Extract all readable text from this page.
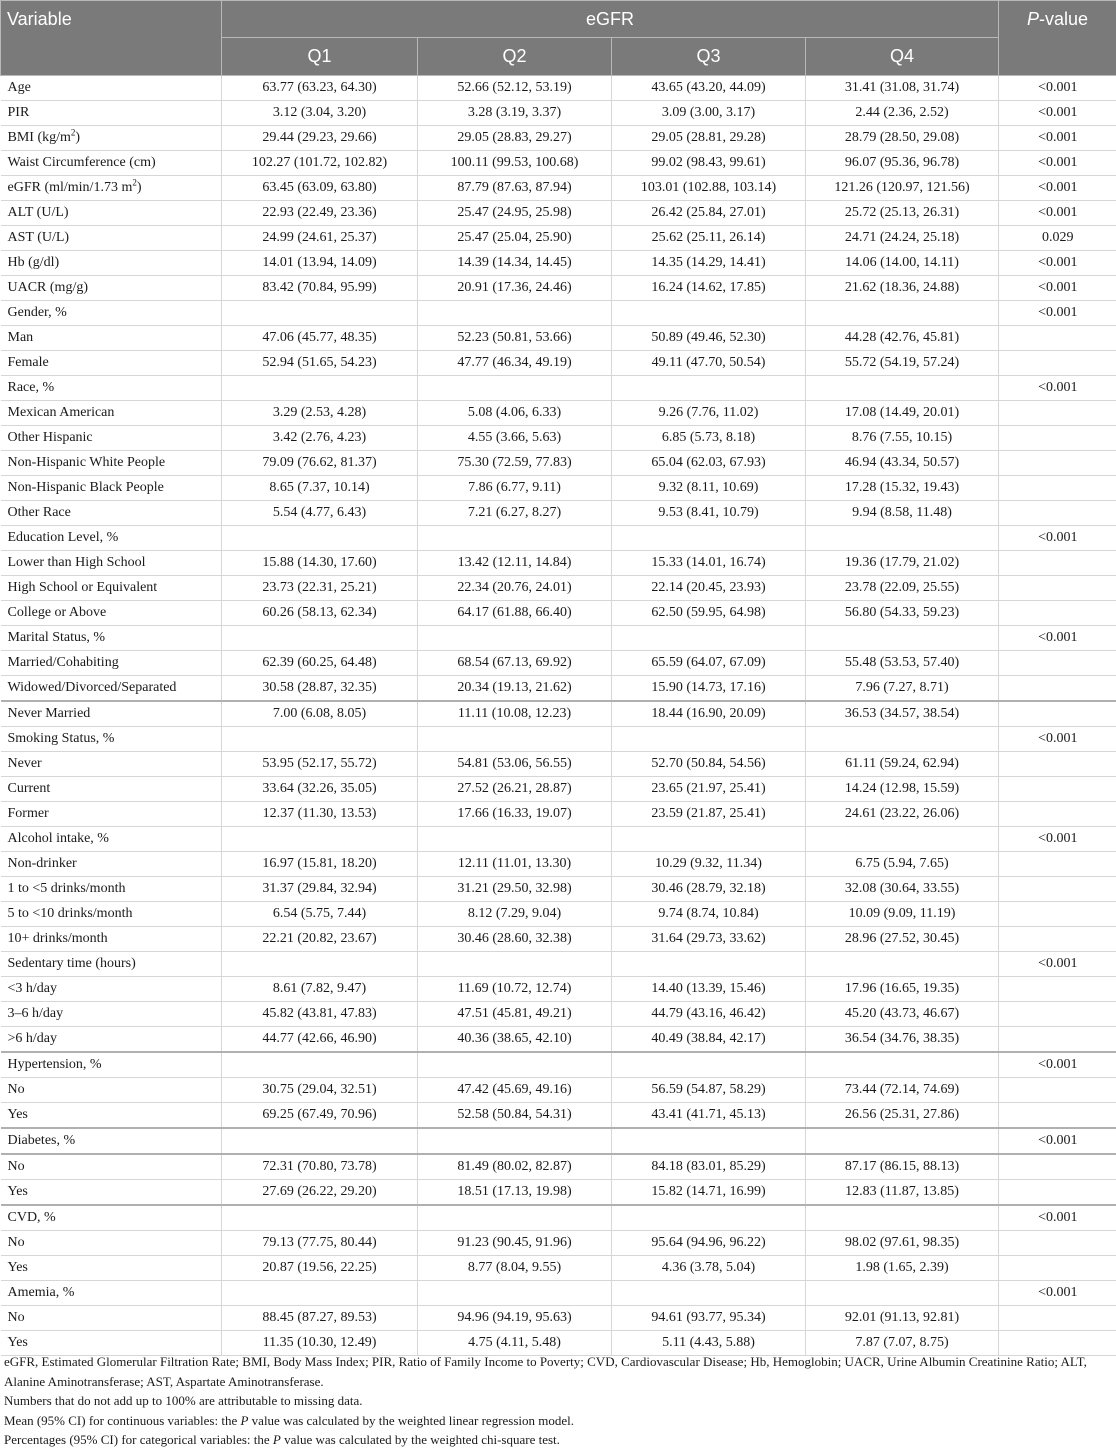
Variable	eGFR				P-value
	Q1	Q2	Q3	Q4	
Age	63.77 (63.23, 64.30)	52.66 (52.12, 53.19)	43.65 (43.20, 44.09)	31.41 (31.08, 31.74)	<0.001
PIR	3.12 (3.04, 3.20)	3.28 (3.19, 3.37)	3.09 (3.00, 3.17)	2.44 (2.36, 2.52)	<0.001
BMI $(kg/m^2)$	29.44 (29.23, 29.66)	29.05 (28.83, 29.27)	29.05 (28.81, 29.28)	28.79 (28.50, 29.08)	<0.001
Waist Circumference (cm)	102.27 (101.72, 102.82)	100.11 (99.53, 100.68)	99.02 (98.43, 99.61)	96.07 (95.36, 96.78)	<0.001
eGFR (ml/min/1.73 $m^2$)	63.45 (63.09, 63.80)	87.79 (87.63, 87.94)	103.01 (102.88, 103.14)	121.26 (120.97, 121.56)	<0.001
ALT (U/L)	22.93 (22.49, 23.36)	25.47 (24.95, 25.98)	26.42 (25.84, 27.01)	25.72 (25.13, 26.31)	<0.001
AST (U/L)	24.99 (24.61, 25.37)	25.47 (25.04, 25.90)	25.62 (25.11, 26.14)	24.71 (24.24, 25.18)	0.029
Hb (g/dl)	14.01 (13.94, 14.09)	14.39 (14.34, 14.45)	14.35 (14.29, 14.41)	14.06 (14.00, 14.11)	<0.001
UACR (mg/g)	83.42 (70.84, 95.99)	20.91 (17.36, 24.46)	16.24 (14.62, 17.85)	21.62 (18.36, 24.88)	<0.001
Gender, %					<0.001
Man	47.06 (45.77, 48.35)	52.23 (50.81, 53.66)	50.89 (49.46, 52.30)	44.28 (42.76, 45.81)	
Female	52.94 (51.65, 54.23)	47.77 (46.34, 49.19)	49.11 (47.70, 50.54)	55.72 (54.19, 57.24)	
Race, %					<0.001
Mexican American	3.29 (2.53, 4.28)	5.08 (4.06, 6.33)	9.26 (7.76, 11.02)	17.08 (14.49, 20.01)	
Other Hispanic	3.42 (2.76, 4.23)	4.55 (3.66, 5.63)	6.85 (5.73, 8.18)	8.76 (7.55, 10.15)	
Non-Hispanic White People	79.09 (76.62, 81.37)	75.30 (72.59, 77.83)	65.04 (62.03, 67.93)	46.94 (43.34, 50.57)	
Non-Hispanic Black People	8.65 (7.37, 10.14)	7.86 (6.77, 9.11)	9.32 (8.11, 10.69)	17.28 (15.32, 19.43)	
Other Race	5.54 (4.77, 6.43)	7.21 (6.27, 8.27)	9.53 (8.41, 10.79)	9.94 (8.58, 11.48)	
Education Level, %					<0.001
Lower than High School	15.88 (14.30, 17.60)	13.42 (12.11, 14.84)	15.33 (14.01, 16.74)	19.36 (17.79, 21.02)	
High School or Equivalent	23.73 (22.31, 25.21)	22.34 (20.76, 24.01)	22.14 (20.45, 23.93)	23.78 (22.09, 25.55)	
College or Above	60.26 (58.13, 62.34)	64.17 (61.88, 66.40)	62.50 (59.95, 64.98)	56.80 (54.33, 59.23)	
Marital Status, %					<0.001
Married/Cohabiting	62.39 (60.25, 64.48)	68.54 (67.13, 69.92)	65.59 (64.07, 67.09)	55.48 (53.53, 57.40)	
Widowed/Divorced/Separated	30.58 (28.87, 32.35)	20.34 (19.13, 21.62)	15.90 (14.73, 17.16)	7.96 (7.27, 8.71)	
Never Married	7.00 (6.08, 8.05)	11.11 (10.08, 12.23)	18.44 (16.90, 20.09)	36.53 (34.57, 38.54)	
Smoking Status, %					<0.001
Never	53.95 (52.17, 55.72)	54.81 (53.06, 56.55)	52.70 (50.84, 54.56)	61.11 (59.24, 62.94)	
Current	33.64 (32.26, 35.05)	27.52 (26.21, 28.87)	23.65 (21.97, 25.41)	14.24 (12.98, 15.59)	
Former	12.37 (11.30, 13.53)	17.66 (16.33, 19.07)	23.59 (21.87, 25.41)	24.61 (23.22, 26.06)	
Alcohol intake, %					<0.001
Non-drinker	16.97 (15.81, 18.20)	12.11 (11.01, 13.30)	10.29 (9.32, 11.34)	6.75 (5.94, 7.65)	
1 to <5 drinks/month	31.37 (29.84, 32.94)	31.21 (29.50, 32.98)	30.46 (28.79, 32.18)	32.08 (30.64, 33.55)	
5 to <10 drinks/month	6.54 (5.75, 7.44)	8.12 (7.29, 9.04)	9.74 (8.74, 10.84)	10.09 (9.09, 11.19)	
10+ drinks/month	22.21 (20.82, 23.67)	30.46 (28.60, 32.38)	31.64 (29.73, 33.62)	28.96 (27.52, 30.45)	
Sedentary time (hours)					<0.001
<3 h/day	8.61 (7.82, 9.47)	11.69 (10.72, 12.74)	14.40 (13.39, 15.46)	17.96 (16.65, 19.35)	
3–6 h/day	45.82 (43.81, 47.83)	47.51 (45.81, 49.21)	44.79 (43.16, 46.42)	45.20 (43.73, 46.67)	
>6 h/day	44.77 (42.66, 46.90)	40.36 (38.65, 42.10)	40.49 (38.84, 42.17)	36.54 (34.76, 38.35)	
Hypertension, %					<0.001
No	30.75 (29.04, 32.51)	47.42 (45.69, 49.16)	56.59 (54.87, 58.29)	73.44 (72.14, 74.69)	
Yes	69.25 (67.49, 70.96)	52.58 (50.84, 54.31)	43.41 (41.71, 45.13)	26.56 (25.31, 27.86)	
Diabetes, %					<0.001
No	72.31 (70.80, 73.78)	81.49 (80.02, 82.87)	84.18 (83.01, 85.29)	87.17 (86.15, 88.13)	
Yes	27.69 (26.22, 29.20)	18.51 (17.13, 19.98)	15.82 (14.71, 16.99)	12.83 (11.87, 13.85)	
CVD, %					<0.001
No	79.13 (77.75, 80.44)	91.23 (90.45, 91.96)	95.64 (94.96, 96.22)	98.02 (97.61, 98.35)	
Yes	20.87 (19.56, 22.25)	8.77 (8.04, 9.55)	4.36 (3.78, 5.04)	1.98 (1.65, 2.39)	
Amemia, %					<0.001
No	88.45 (87.27, 89.53)	94.96 (94.19, 95.63)	94.61 (93.77, 95.34)	92.01 (91.13, 92.81)	
Yes	11.35 (10.30, 12.49)	4.75 (4.11, 5.48)	5.11 (4.43, 5.88)	7.87 (7.07, 8.75)	

eGFR, Estimated Glomerular Filtration Rate; BMI, Body Mass Index; PIR, Ratio of Family Income to Poverty; CVD, Cardiovascular Disease; Hb, Hemoglobin; UACR, Urine Albumin Creatinine Ratio; ALT, Alanine Aminotransferase; AST, Aspartate Aminotransferase.

Numbers that do not add up to 100% are attributable to missing data.

Mean (95% CI) for continuous variables: the P value was calculated by the weighted linear regression model.

Percentages (95% CI) for categorical variables: the P value was calculated by the weighted chi-square test.
